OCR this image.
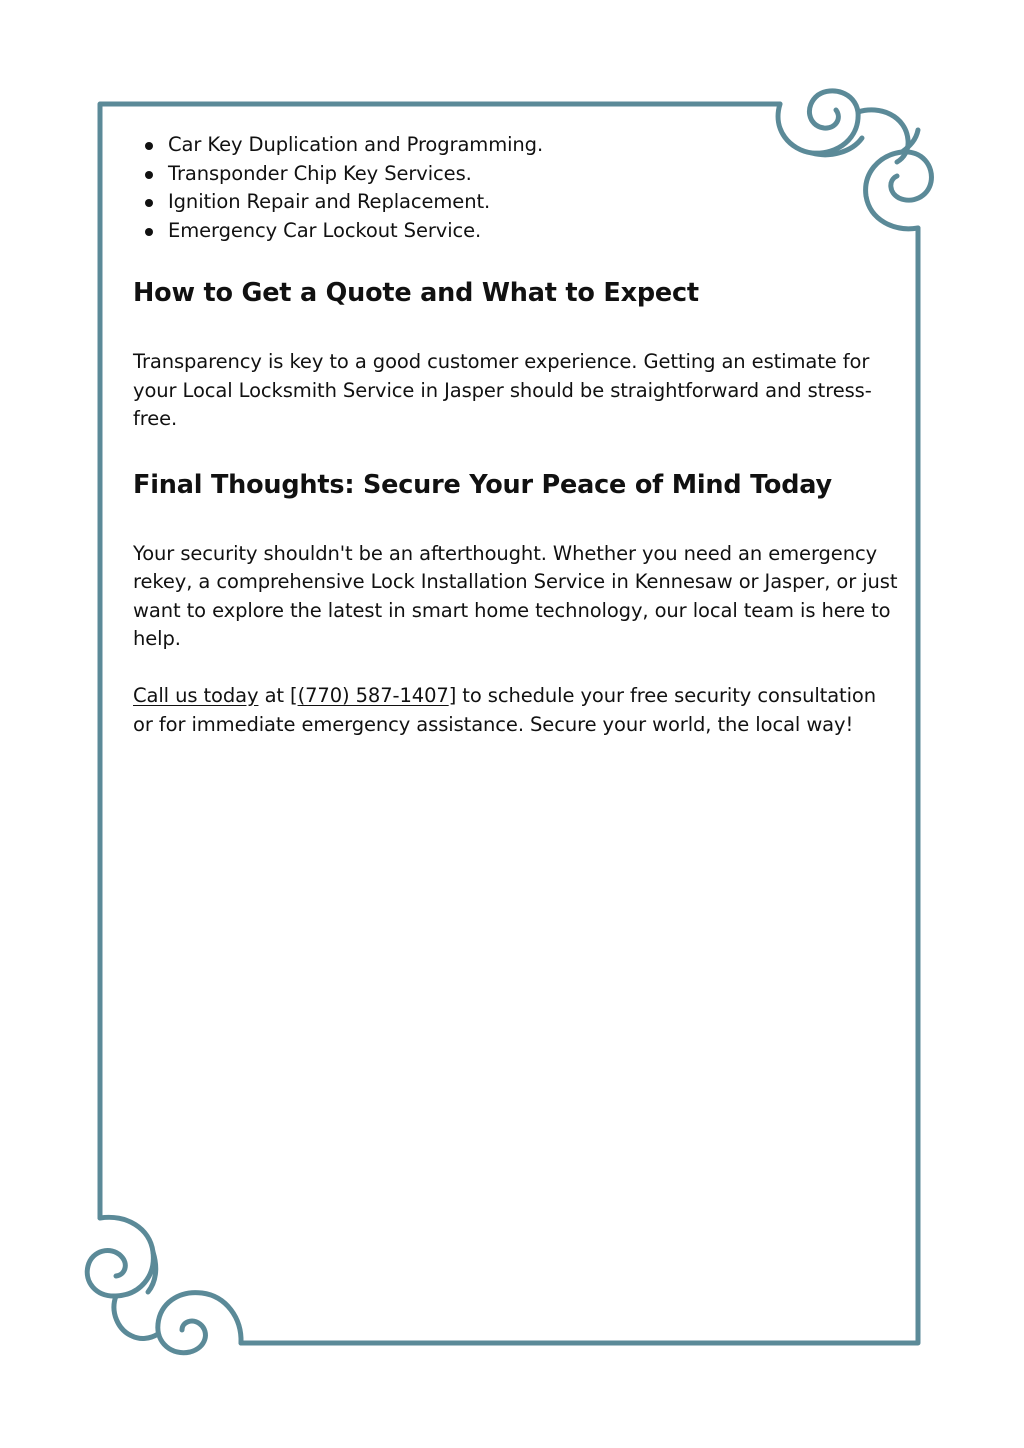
Car Key Duplication and Programming.
Transponder Chip Key Services.
Ignition Repair and Replacement.
Emergency Car Lockout Service.
How to Get a Quote and What to Expect

Transparency is key to a good customer experience. Getting an estimate for your Local Locksmith Service in Jasper should be straightforward and stress-free.

Final Thoughts: Secure Your Peace of Mind Today

Your security shouldn't be an afterthought. Whether you need an emergency rekey, a comprehensive Lock Installation Service in Kennesaw or Jasper, or just want to explore the latest in smart home technology, our local team is here to help.

Call us today at [(770) 587-1407] to schedule your free security consultation or for immediate emergency assistance. Secure your world, the local way!
